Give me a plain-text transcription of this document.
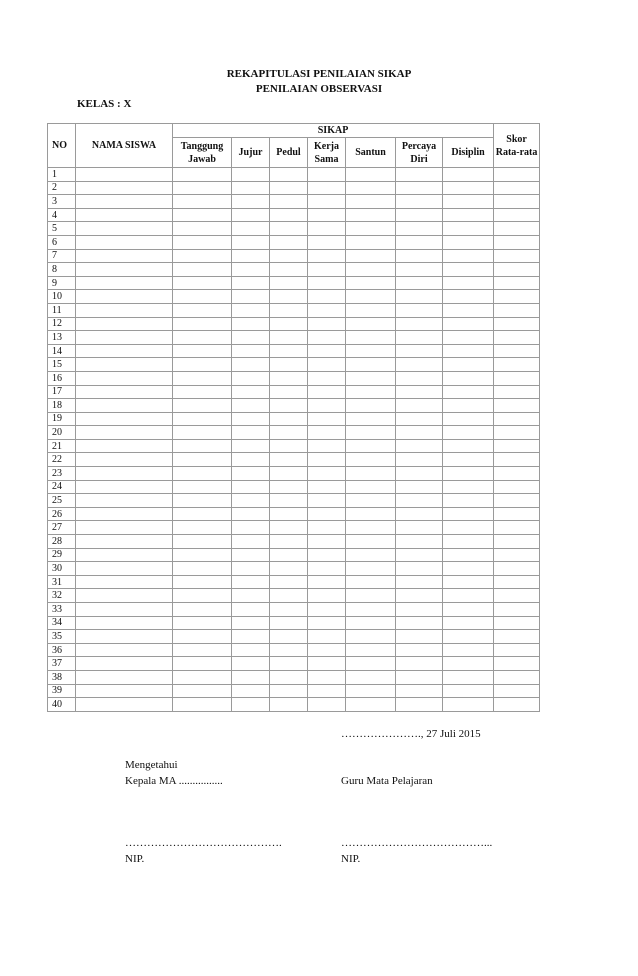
REKAPITULASI PENILAIAN SIKAP
PENILAIAN OBSERVASI
KELAS : X
NO	NAMA SISWA	SIKAP							Skor Rata-rata
		Tanggung Jawab	Jujur	Pedul	Kerja Sama	Santun	Percaya Diri	Disiplin	
1									
2									
3									
4									
5									
6									
7									
8									
9									
10									
11									
12									
13									
14									
15									
16									
17									
18									
19									
20									
21									
22									
23									
24									
25									
26									
27									
28									
29									
30									
31									
32									
33									
34									
35									
36									
37									
38									
39									
40									
…………………., 27 Juli 2015
Mengetahui
Kepala MA ................	Guru Mata Pelajaran
…………………………………….	…………………………………...
NIP.	NIP.
